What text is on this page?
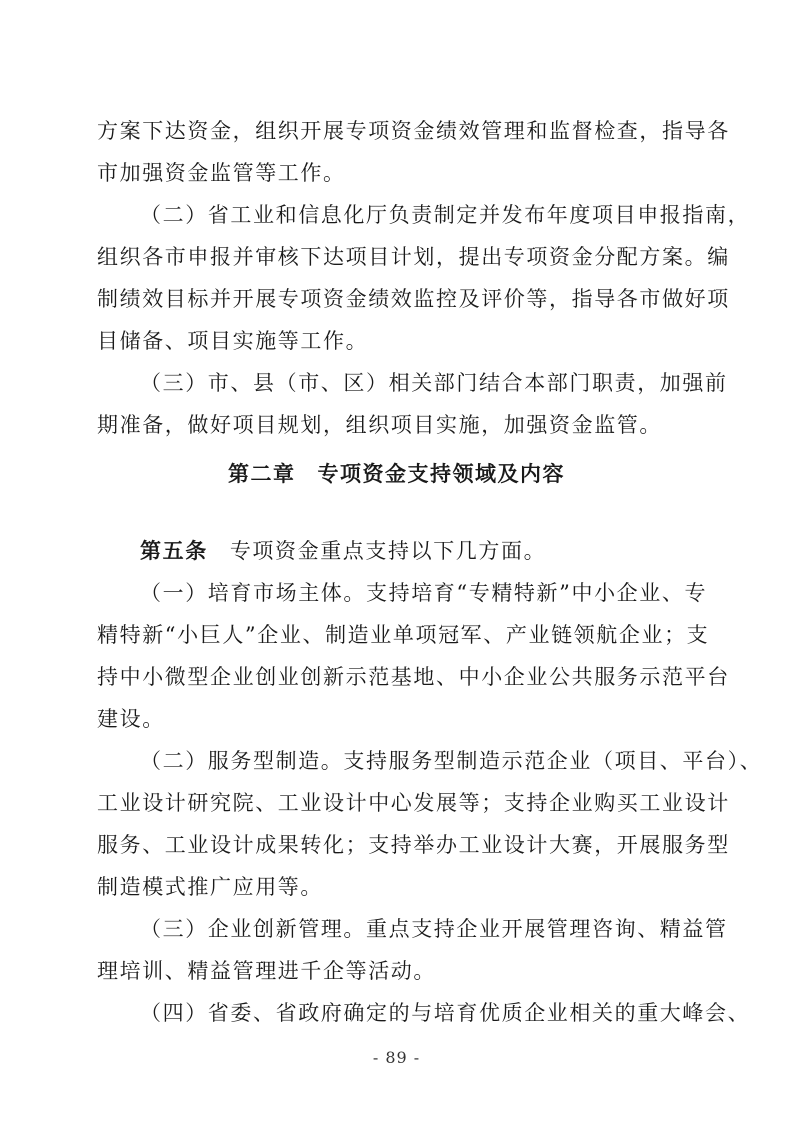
方案下达资金，组织开展专项资金绩效管理和监督检查，指导各
市加强资金监管等工作。
（二）省工业和信息化厅负责制定并发布年度项目申报指南，
组织各市申报并审核下达项目计划，提出专项资金分配方案。编
制绩效目标并开展专项资金绩效监控及评价等，指导各市做好项
目储备、项目实施等工作。
（三）市、县（市、区）相关部门结合本部门职责，加强前
期准备，做好项目规划，组织项目实施，加强资金监管。
第二章 专项资金支持领域及内容
第五条 专项资金重点支持以下几方面。
（一）培育市场主体。支持培育“专精特新”中小企业、专
精特新“小巨人”企业、制造业单项冠军、产业链领航企业；支
持中小微型企业创业创新示范基地、中小企业公共服务示范平台
建设。
（二）服务型制造。支持服务型制造示范企业（项目、平台）、
工业设计研究院、工业设计中心发展等；支持企业购买工业设计
服务、工业设计成果转化；支持举办工业设计大赛，开展服务型
制造模式推广应用等。
（三）企业创新管理。重点支持企业开展管理咨询、精益管
理培训、精益管理进千企等活动。
（四）省委、省政府确定的与培育优质企业相关的重大峰会、
- 89 -
